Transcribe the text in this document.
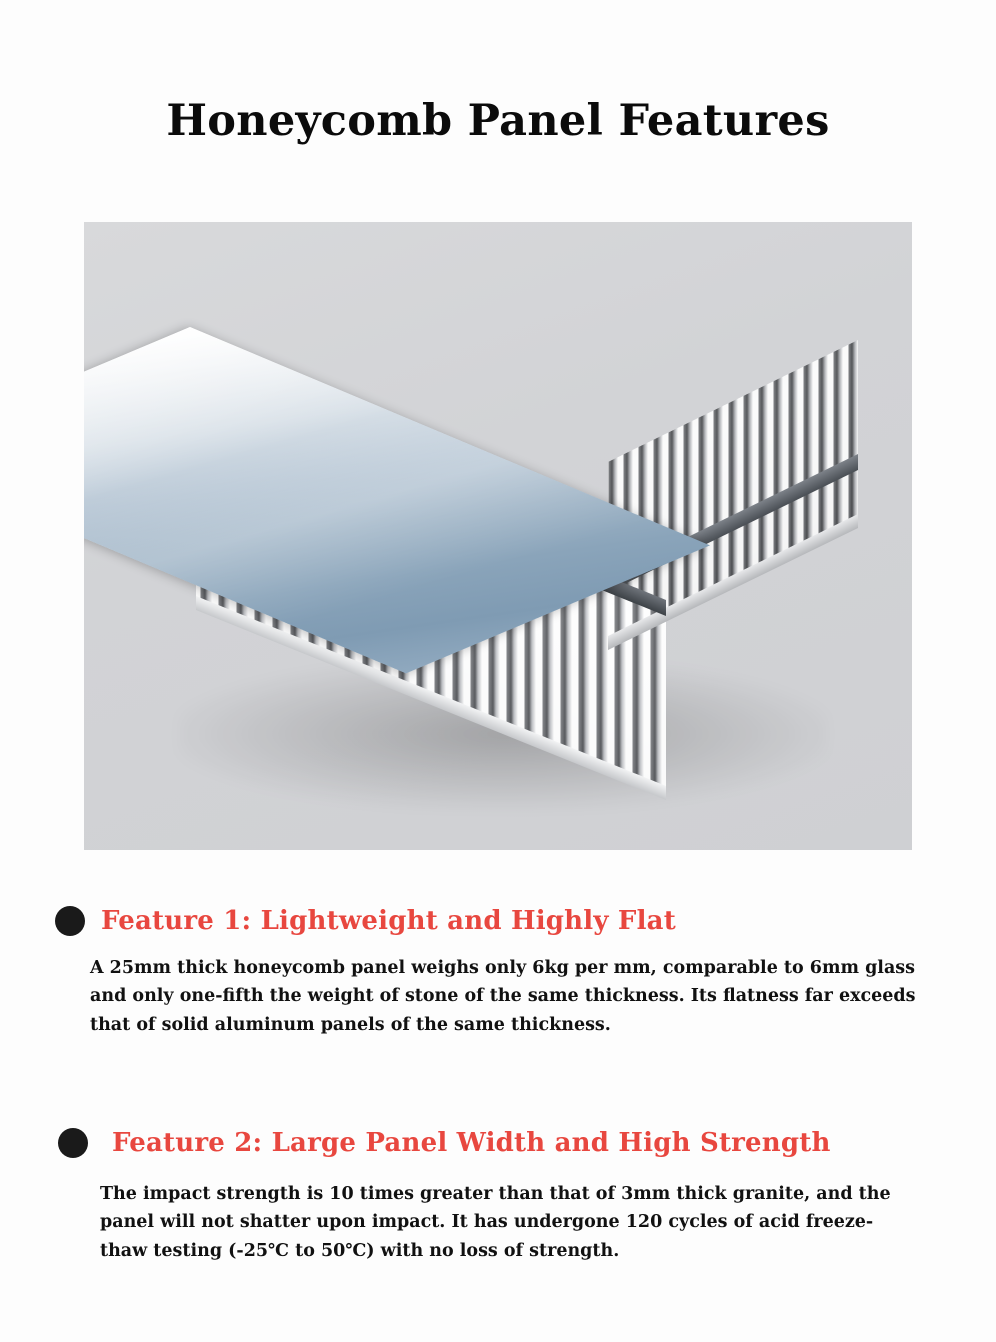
Honeycomb Panel Features
Feature 1: Lightweight and Highly Flat

A 25mm thick honeycomb panel weighs only 6kg per mm, comparable to 6mm glass and only one-fifth the weight of stone of the same thickness. Its flatness far exceeds that of solid aluminum panels of the same thickness.

Feature 2: Large Panel Width and High Strength

The impact strength is 10 times greater than that of 3mm thick granite, and the panel will not shatter upon impact. It has undergone 120 cycles of acid freeze-thaw testing (-25℃ to 50℃) with no loss of strength.
